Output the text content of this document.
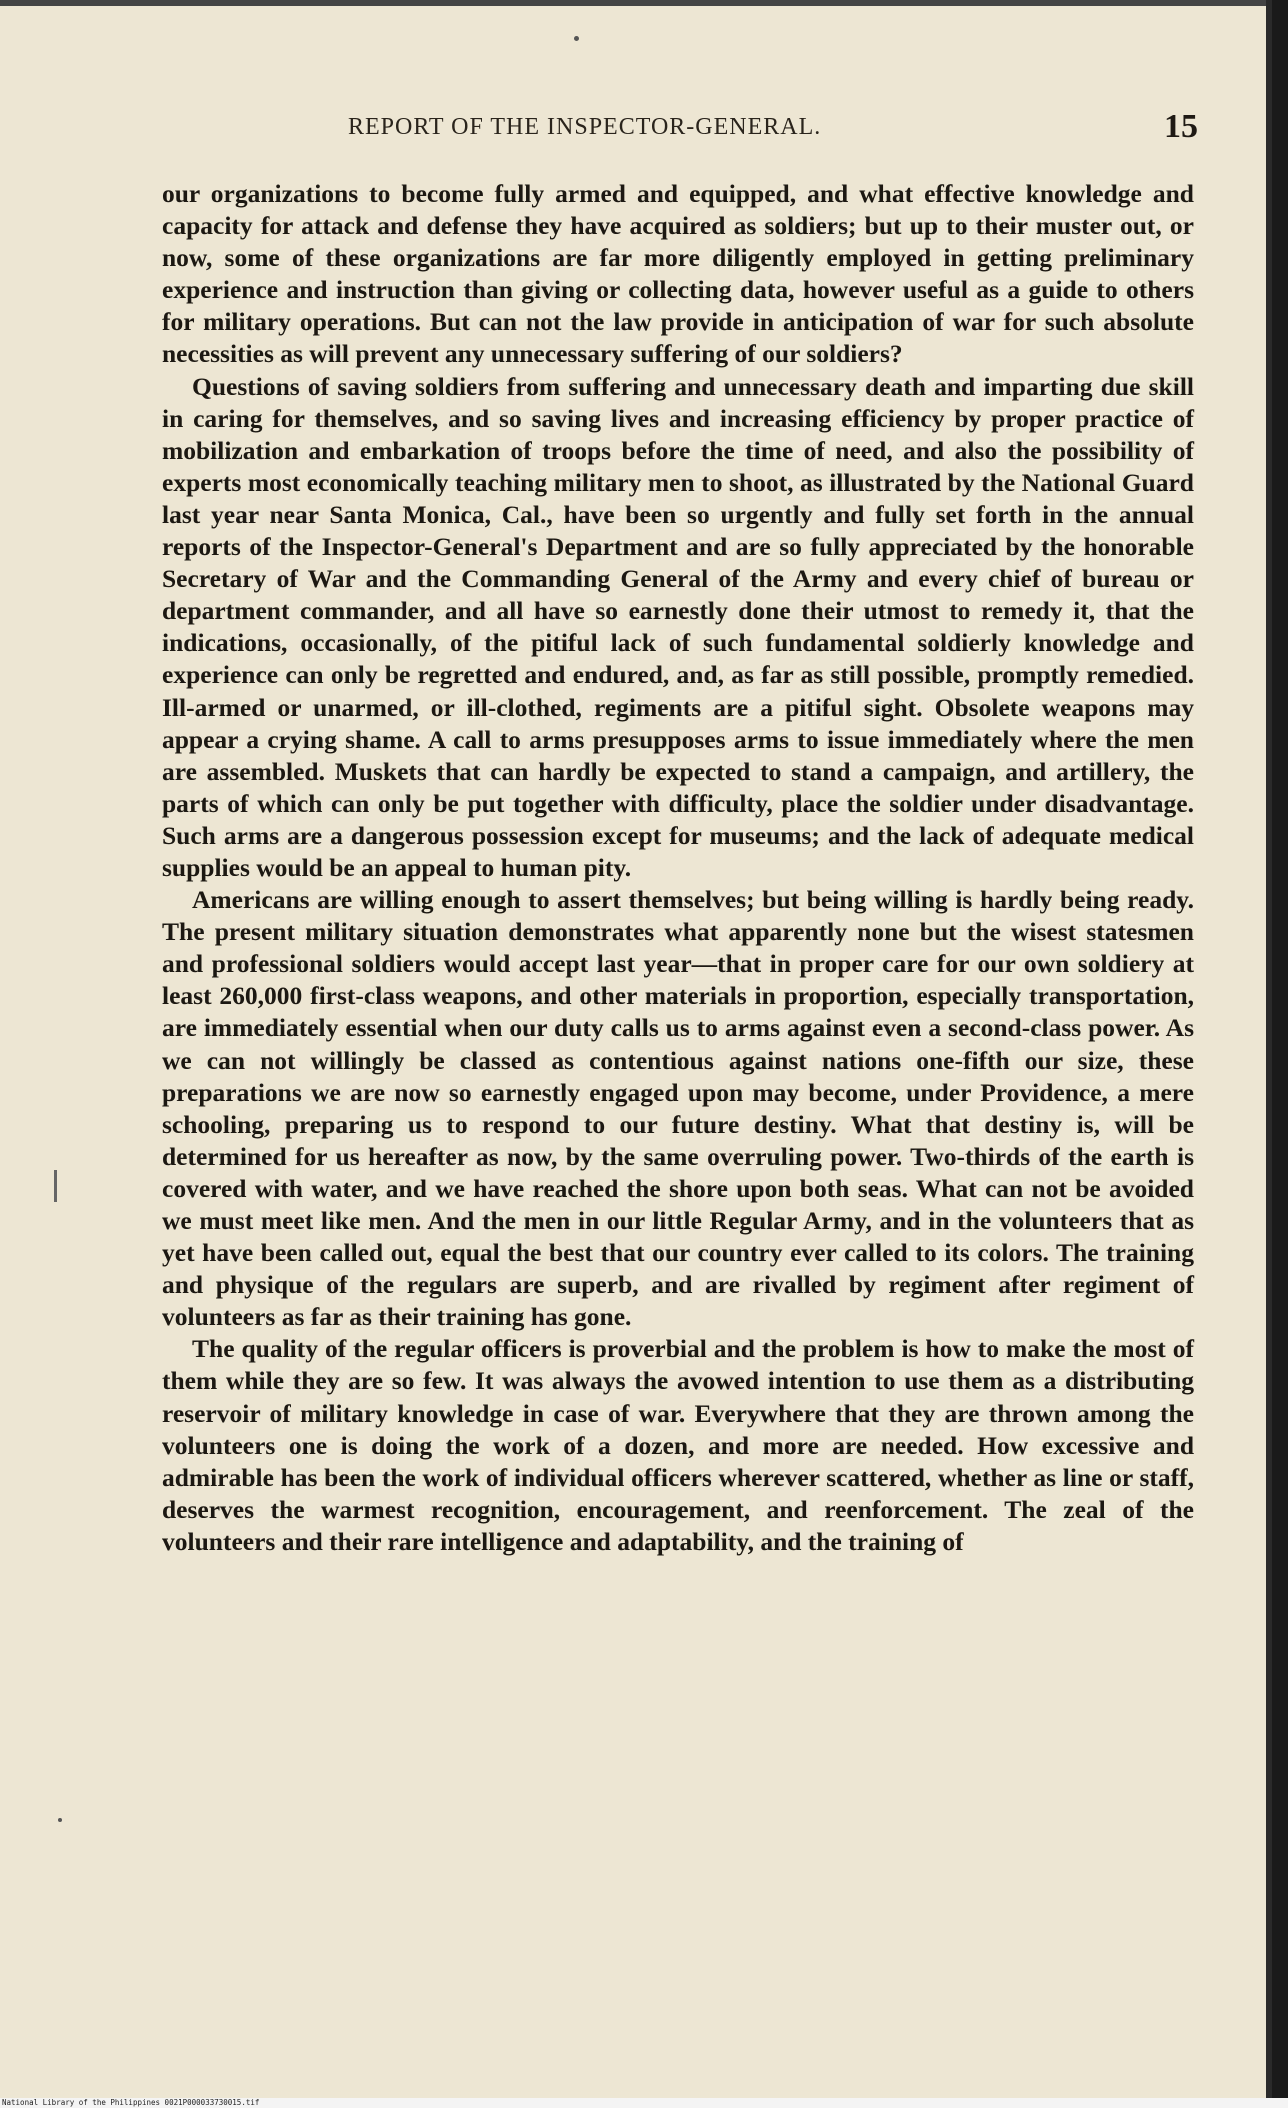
REPORT OF THE INSPECTOR-GENERAL.	15

our organizations to become fully armed and equipped, and what effective knowledge and capacity for attack and defense they have acquired as soldiers; but up to their muster out, or now, some of these organizations are far more diligently employed in getting preliminary experience and instruction than giving or collecting data, however useful as a guide to others for military operations. But can not the law provide in anticipation of war for such absolute necessities as will prevent any unnecessary suffering of our soldiers?

Questions of saving soldiers from suffering and unnecessary death and imparting due skill in caring for themselves, and so saving lives and increasing efficiency by proper practice of mobilization and embarkation of troops before the time of need, and also the possibility of experts most economically teaching military men to shoot, as illustrated by the National Guard last year near Santa Monica, Cal., have been so urgently and fully set forth in the annual reports of the Inspector-General's Department and are so fully appreciated by the honorable Secretary of War and the Commanding General of the Army and every chief of bureau or department commander, and all have so earnestly done their utmost to remedy it, that the indications, occasionally, of the pitiful lack of such fundamental soldierly knowledge and experience can only be regretted and endured, and, as far as still possible, promptly remedied. Ill-armed or unarmed, or ill-clothed, regiments are a pitiful sight. Obsolete weapons may appear a crying shame. A call to arms presupposes arms to issue immediately where the men are assembled. Muskets that can hardly be expected to stand a campaign, and artillery, the parts of which can only be put together with difficulty, place the soldier under disadvantage. Such arms are a dangerous possession except for museums; and the lack of adequate medical supplies would be an appeal to human pity.

Americans are willing enough to assert themselves; but being willing is hardly being ready. The present military situation demonstrates what apparently none but the wisest statesmen and professional soldiers would accept last year—that in proper care for our own soldiery at least 260,000 first-class weapons, and other materials in proportion, especially transportation, are immediately essential when our duty calls us to arms against even a second-class power. As we can not willingly be classed as contentious against nations one-fifth our size, these preparations we are now so earnestly engaged upon may become, under Providence, a mere schooling, preparing us to respond to our future destiny. What that destiny is, will be determined for us hereafter as now, by the same overruling power. Two-thirds of the earth is covered with water, and we have reached the shore upon both seas. What can not be avoided we must meet like men. And the men in our little Regular Army, and in the volunteers that as yet have been called out, equal the best that our country ever called to its colors. The training and physique of the regulars are superb, and are rivalled by regiment after regiment of volunteers as far as their training has gone.

The quality of the regular officers is proverbial and the problem is how to make the most of them while they are so few. It was always the avowed intention to use them as a distributing reservoir of military knowledge in case of war. Everywhere that they are thrown among the volunteers one is doing the work of a dozen, and more are needed. How excessive and admirable has been the work of individual officers wherever scattered, whether as line or staff, deserves the warmest recognition, encouragement, and reenforcement. The zeal of the volunteers and their rare intelligence and adaptability, and the training of

National Library of the Philippines 0021P000033730015.tif
